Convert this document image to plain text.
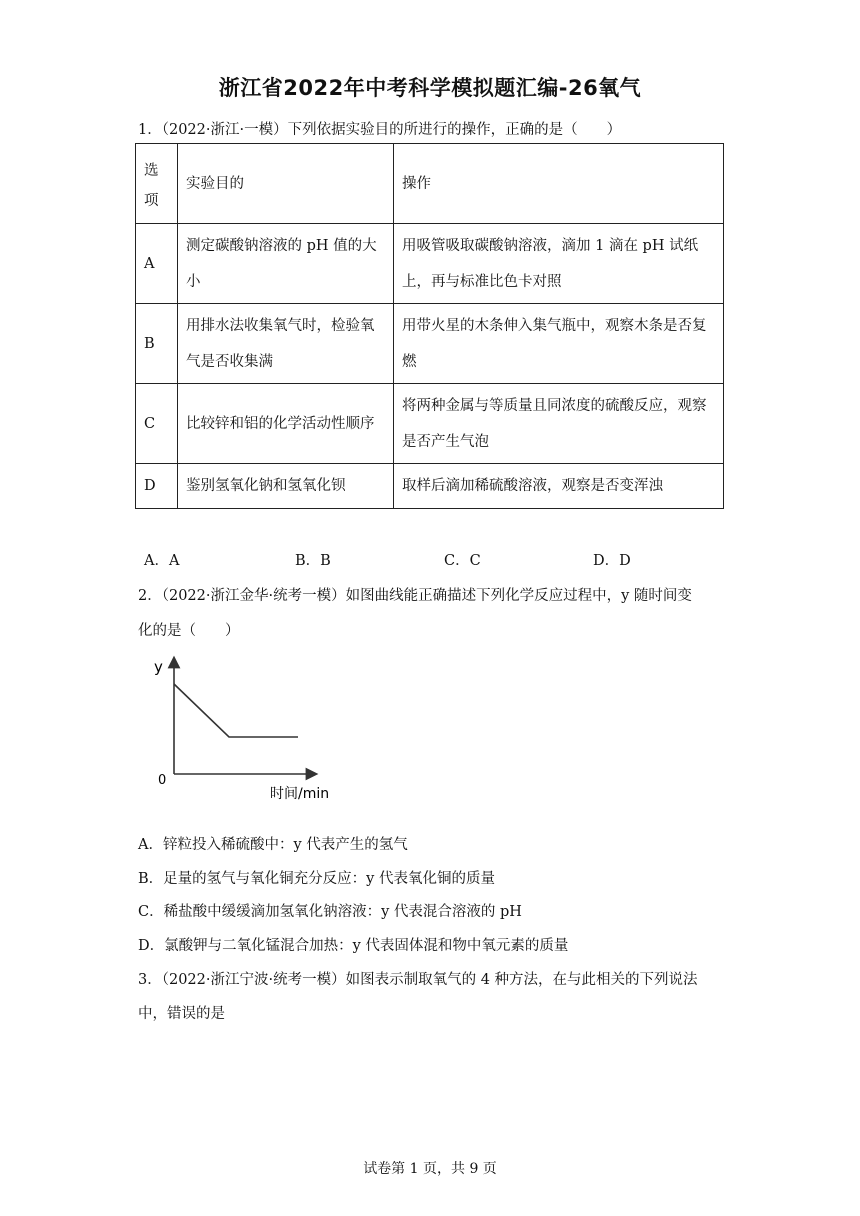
浙江省2022年中考科学模拟题汇编-26氧气
1．（2022·浙江·一模）下列依据实验目的所进行的操作，正确的是（　　）
选项	实验目的	操作
A	测定碳酸钠溶液的 pH 值的大小	用吸管吸取碳酸钠溶液，滴加 1 滴在 pH 试纸上，再与标准比色卡对照
B	用排水法收集氧气时，检验氧气是否收集满	用带火星的木条伸入集气瓶中，观察木条是否复燃
C	比较锌和铝的化学活动性顺序	将两种金属与等质量且同浓度的硫酸反应，观察是否产生气泡
D	鉴别氢氧化钠和氢氧化钡	取样后滴加稀硫酸溶液，观察是否变浑浊
A．A	B．B	C．C	D．D
2．（2022·浙江金华·统考一模）如图曲线能正确描述下列化学反应过程中，y 随时间变
化的是（　　）
y
0
时间/min
A．锌粒投入稀硫酸中：y 代表产生的氢气
B．足量的氢气与氧化铜充分反应：y 代表氧化铜的质量
C．稀盐酸中缓缓滴加氢氧化钠溶液：y 代表混合溶液的 pH
D．氯酸钾与二氧化锰混合加热：y 代表固体混和物中氧元素的质量
3．（2022·浙江宁波·统考一模）如图表示制取氧气的 4 种方法，在与此相关的下列说法
中，错误的是
试卷第 1 页，共 9 页
